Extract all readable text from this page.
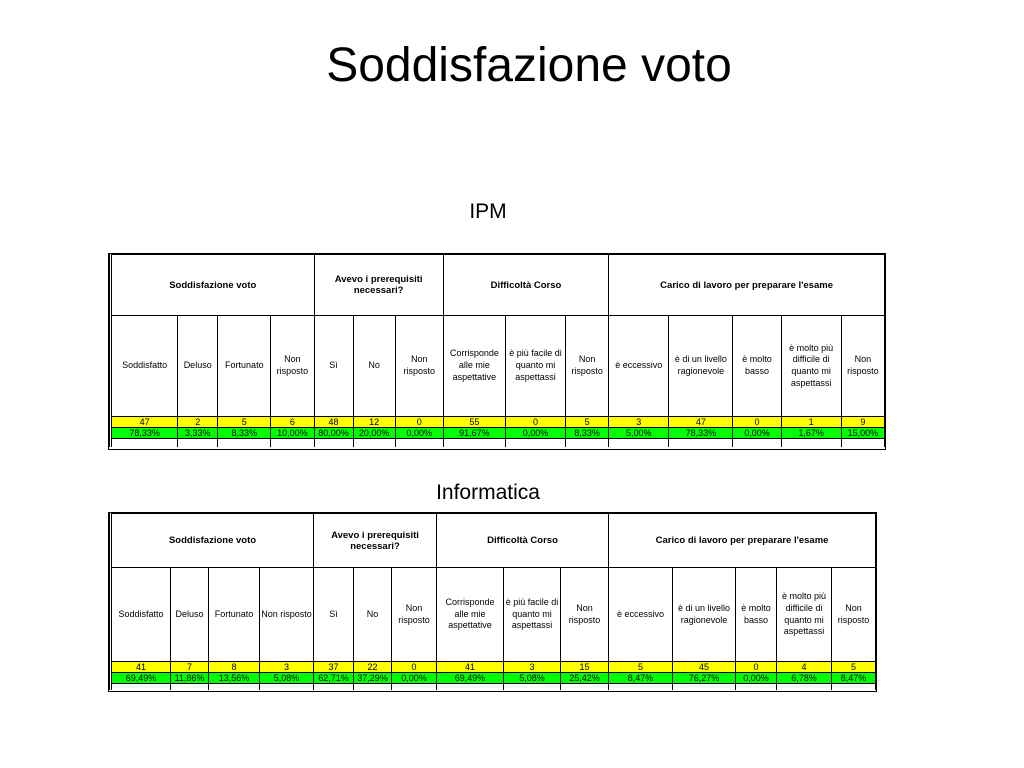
Soddisfazione voto
IPM
Soddisfazione voto				Avevo i prerequisiti necessari?			Difficoltà Corso			Carico di lavoro per preparare l'esame				
Soddisfatto	Deluso	Fortunato	Non risposto	Sì	No	Non risposto	Corrisponde alle mie aspettative	è più facile di quanto mi aspettassi	Non risposto	è eccessivo	è di un livello ragionevole	è molto basso	è molto più difficile di quanto mi aspettassi	Non risposto
47	2	5	6	48	12	0	55	0	5	3	47	0	1	9
78,33%	3,33%	8,33%	10,00%	80,00%	20,00%	0,00%	91,67%	0,00%	8,33%	5,00%	78,33%	0,00%	1,67%	15,00%

Informatica
Soddisfazione voto				Avevo i prerequisiti necessari?			Difficoltà Corso			Carico di lavoro per preparare l'esame				
Soddisfatto	Deluso	Fortunato	Non risposto	Sì	No	Non risposto	Corrisponde alle mie aspettative	è più facile di quanto mi aspettassi	Non risposto	è eccessivo	è di un livello ragionevole	è molto basso	è molto più difficile di quanto mi aspettassi	Non risposto
41	7	8	3	37	22	0	41	3	15	5	45	0	4	5
69,49%	11,86%	13,56%	5,08%	62,71%	37,29%	0,00%	69,49%	5,08%	25,42%	8,47%	76,27%	0,00%	6,78%	8,47%
